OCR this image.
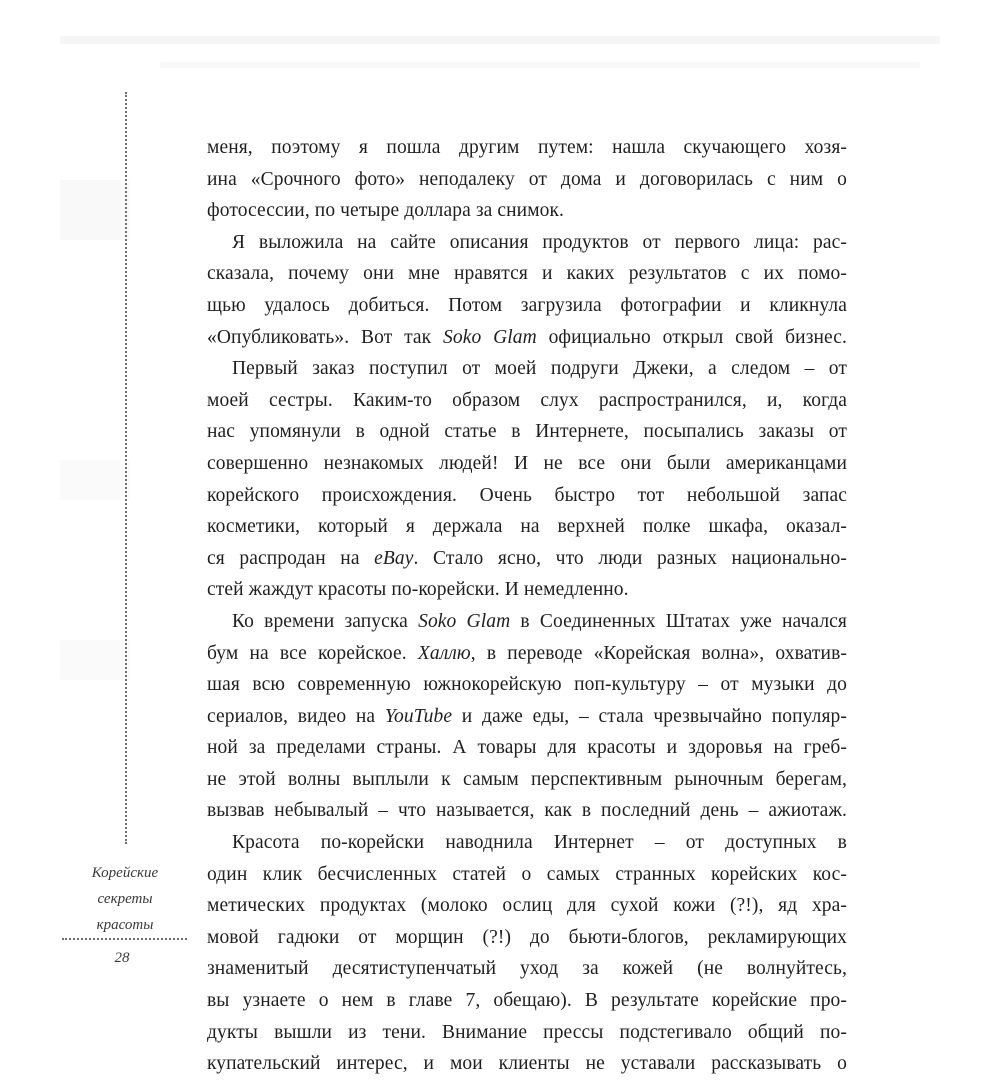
Корейские
секреты
красоты
28
меня, поэтому я пошла другим путем: нашла скучающего хозя-
ина «Срочного фото» неподалеку от дома и договорилась с ним о
фотосессии, по четыре доллара за снимок.
Я выложила на сайте описания продуктов от первого лица: рас-
сказала, почему они мне нравятся и каких результатов с их помо-
щью удалось добиться. Потом загрузила фотографии и кликнула
«Опубликовать». Вот так Soko Glam официально открыл свой бизнес.
Первый заказ поступил от моей подруги Джеки, а следом – от
моей сестры. Каким-то образом слух распространился, и, когда
нас упомянули в одной статье в Интернете, посыпались заказы от
совершенно незнакомых людей! И не все они были американцами
корейского происхождения. Очень быстро тот небольшой запас
косметики, который я держала на верхней полке шкафа, оказал-
ся распродан на eBay. Стало ясно, что люди разных национально-
стей жаждут красоты по-корейски. И немедленно.
Ко времени запуска Soko Glam в Соединенных Штатах уже начался
бум на все корейское. Халлю, в переводе «Корейская волна», охватив-
шая всю современную южнокорейскую поп-культуру – от музыки до
сериалов, видео на YouTube и даже еды, – стала чрезвычайно популяр-
ной за пределами страны. А товары для красоты и здоровья на греб-
не этой волны выплыли к самым перспективным рыночным берегам,
вызвав небывалый – что называется, как в последний день – ажиотаж.
Красота по-корейски наводнила Интернет – от доступных в
один клик бесчисленных статей о самых странных корейских кос-
метических продуктах (молоко ослиц для сухой кожи (?!), яд хра-
мовой гадюки от морщин (?!) до бьюти-блогов, рекламирующих
знаменитый десятиступенчатый уход за кожей (не волнуйтесь,
вы узнаете о нем в главе 7, обещаю). В результате корейские про-
дукты вышли из тени. Внимание прессы подстегивало общий по-
купательский интерес, и мои клиенты не уставали рассказывать о
